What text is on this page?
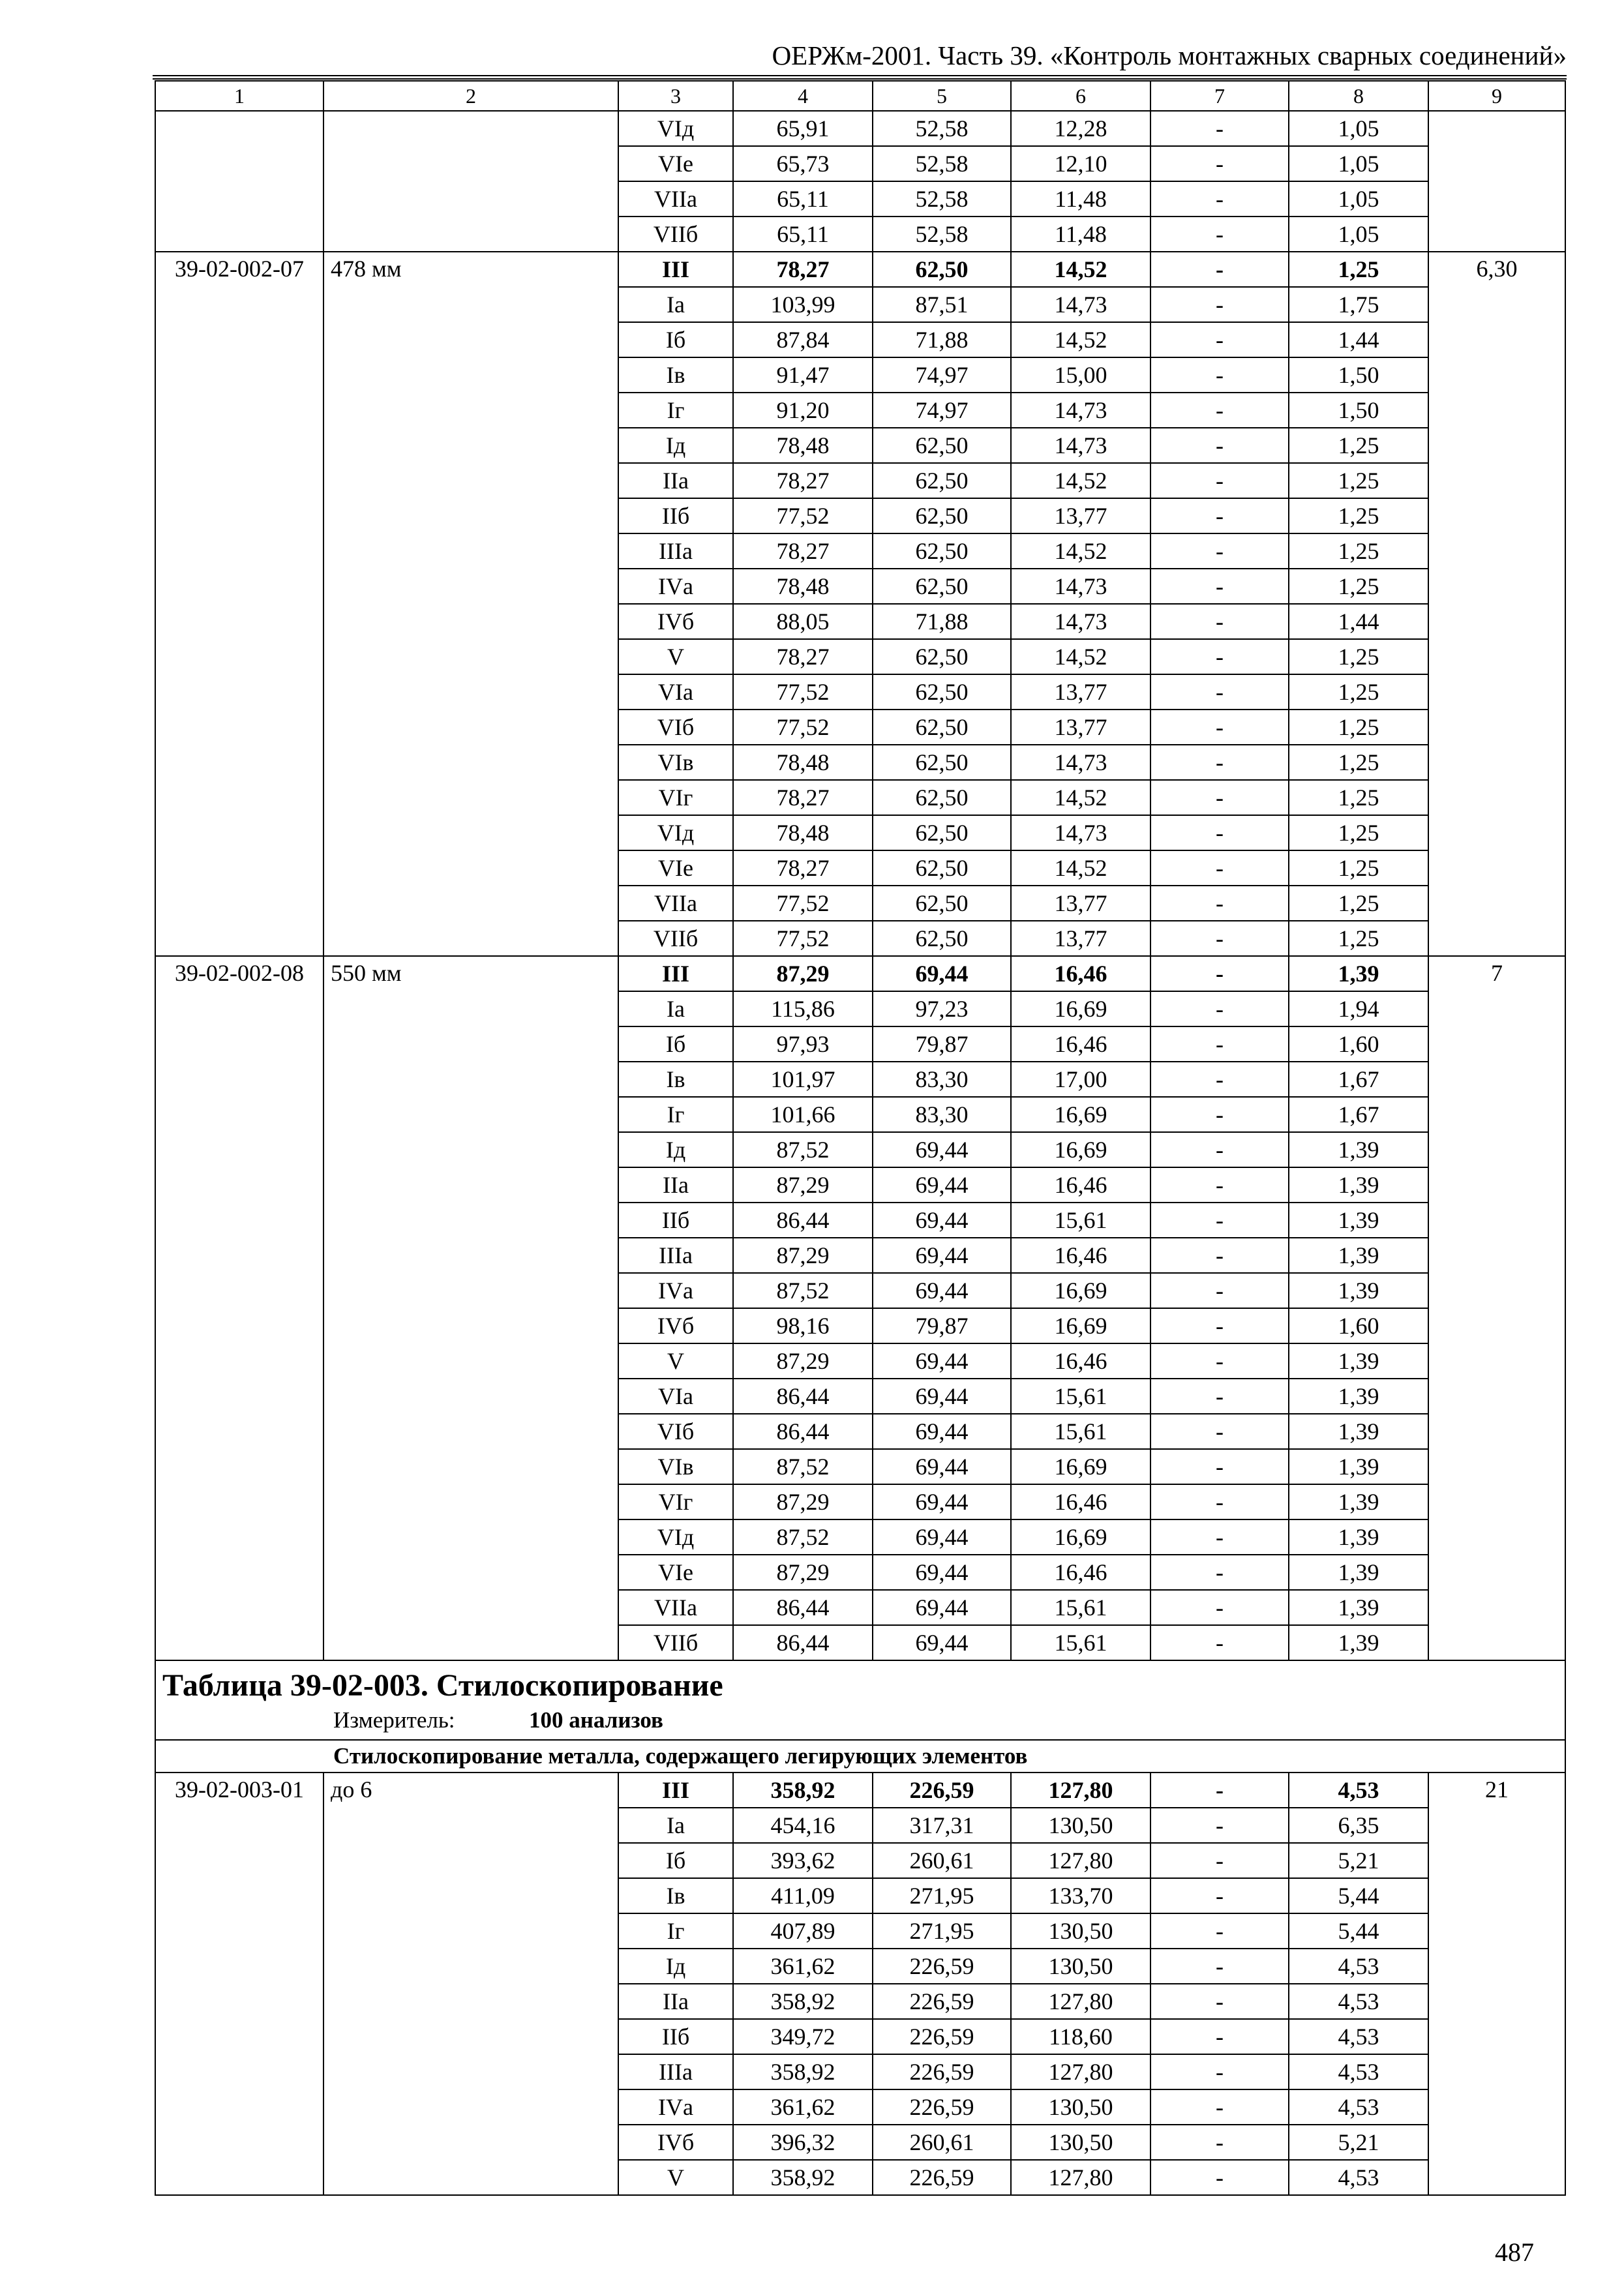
ОЕРЖм-2001. Часть 39. «Контроль монтажных сварных соединений»
1	2	3	4	5	6	7	8	9
		VIд	65,91	52,58	12,28	-	1,05	
		VIе	65,73	52,58	12,10	-	1,05	
		VIIа	65,11	52,58	11,48	-	1,05	
		VIIб	65,11	52,58	11,48	-	1,05	
39-02-002-07	478 мм	III	78,27	62,50	14,52	-	1,25	6,30
		Iа	103,99	87,51	14,73	-	1,75	
		Iб	87,84	71,88	14,52	-	1,44	
		Iв	91,47	74,97	15,00	-	1,50	
		Iг	91,20	74,97	14,73	-	1,50	
		Iд	78,48	62,50	14,73	-	1,25	
		IIа	78,27	62,50	14,52	-	1,25	
		IIб	77,52	62,50	13,77	-	1,25	
		IIIа	78,27	62,50	14,52	-	1,25	
		IVа	78,48	62,50	14,73	-	1,25	
		IVб	88,05	71,88	14,73	-	1,44	
		V	78,27	62,50	14,52	-	1,25	
		VIа	77,52	62,50	13,77	-	1,25	
		VIб	77,52	62,50	13,77	-	1,25	
		VIв	78,48	62,50	14,73	-	1,25	
		VIг	78,27	62,50	14,52	-	1,25	
		VIд	78,48	62,50	14,73	-	1,25	
		VIе	78,27	62,50	14,52	-	1,25	
		VIIа	77,52	62,50	13,77	-	1,25	
		VIIб	77,52	62,50	13,77	-	1,25	
39-02-002-08	550 мм	III	87,29	69,44	16,46	-	1,39	7
		Iа	115,86	97,23	16,69	-	1,94	
		Iб	97,93	79,87	16,46	-	1,60	
		Iв	101,97	83,30	17,00	-	1,67	
		Iг	101,66	83,30	16,69	-	1,67	
		Iд	87,52	69,44	16,69	-	1,39	
		IIа	87,29	69,44	16,46	-	1,39	
		IIб	86,44	69,44	15,61	-	1,39	
		IIIа	87,29	69,44	16,46	-	1,39	
		IVа	87,52	69,44	16,69	-	1,39	
		IVб	98,16	79,87	16,69	-	1,60	
		V	87,29	69,44	16,46	-	1,39	
		VIа	86,44	69,44	15,61	-	1,39	
		VIб	86,44	69,44	15,61	-	1,39	
		VIв	87,52	69,44	16,69	-	1,39	
		VIг	87,29	69,44	16,46	-	1,39	
		VIд	87,52	69,44	16,69	-	1,39	
		VIе	87,29	69,44	16,46	-	1,39	
		VIIа	86,44	69,44	15,61	-	1,39	
		VIIб	86,44	69,44	15,61	-	1,39	

Таблица 39-02-003. Стилоскопирование
Измеритель: 100 анализов								

Стилоскопирование металла, содержащего легирующих элементов								
39-02-003-01	до 6	III	358,92	226,59	127,80	-	4,53	21
		Iа	454,16	317,31	130,50	-	6,35	
		Iб	393,62	260,61	127,80	-	5,21	
		Iв	411,09	271,95	133,70	-	5,44	
		Iг	407,89	271,95	130,50	-	5,44	
		Iд	361,62	226,59	130,50	-	4,53	
		IIа	358,92	226,59	127,80	-	4,53	
		IIб	349,72	226,59	118,60	-	4,53	
		IIIа	358,92	226,59	127,80	-	4,53	
		IVа	361,62	226,59	130,50	-	4,53	
		IVб	396,32	260,61	130,50	-	5,21	
		V	358,92	226,59	127,80	-	4,53	
487
